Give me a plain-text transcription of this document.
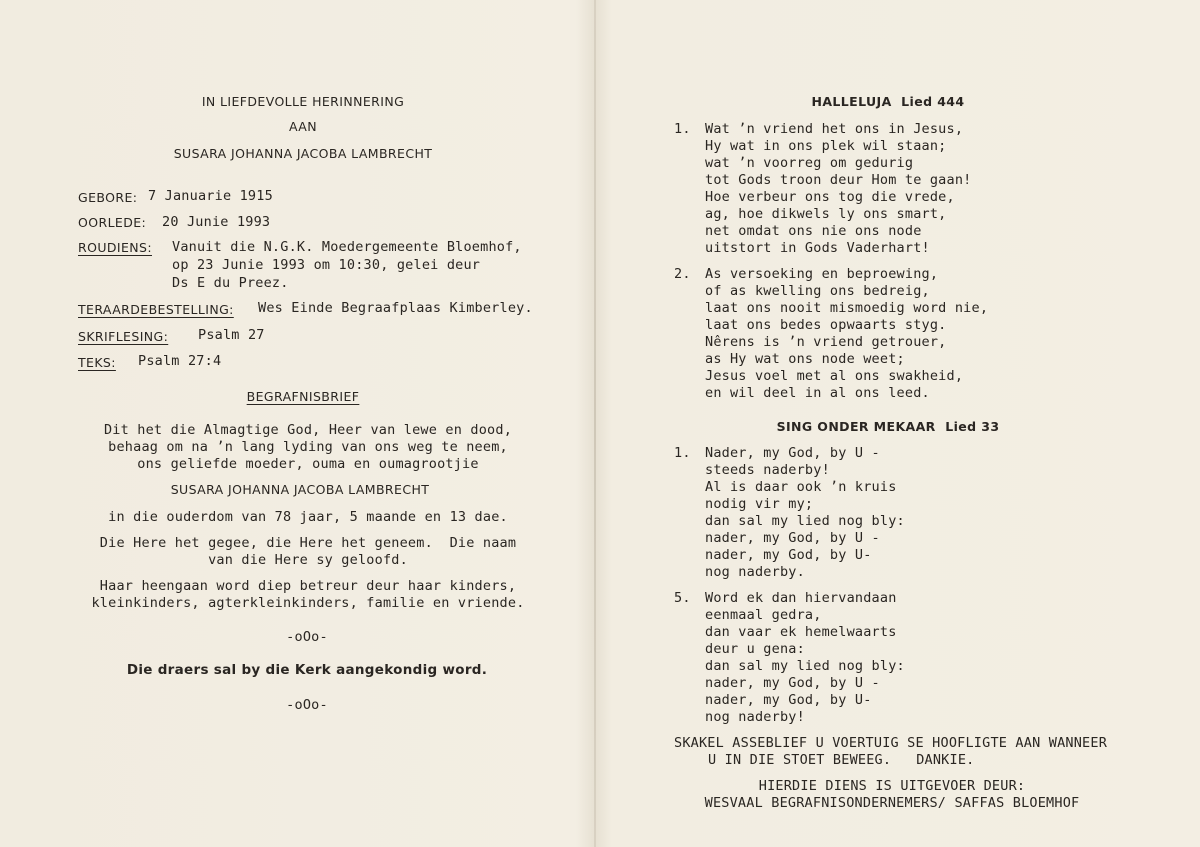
IN LIEFDEVOLLE HERINNERING
AAN
SUSARA JOHANNA JACOBA LAMBRECHT
GEBORE: 7 Januarie 1915
OORLEDE: 20 Junie 1993
ROUDIENS: Vanuit die N.G.K. Moedergemeente Bloemhof,
op 23 Junie 1993 om 10:30, gelei deur
Ds E du Preez.
TERAARDEBESTELLING: Wes Einde Begraafplaas Kimberley.
SKRIFLESING: Psalm 27
TEKS: Psalm 27:4
BEGRAFNISBRIEF
Dit het die Almagtige God, Heer van lewe en dood,
behaag om na ʼn lang lyding van ons weg te neem,
ons geliefde moeder, ouma en oumagrootjie
SUSARA JOHANNA JACOBA LAMBRECHT
in die ouderdom van 78 jaar, 5 maande en 13 dae.
Die Here het gegee, die Here het geneem.  Die naam
van die Here sy geloofd.
Haar heengaan word diep betreur deur haar kinders,
kleinkinders, agterkleinkinders, familie en vriende.
-oOo-
Die draers sal by die Kerk aangekondig word.
-oOo-
HALLELUJA  Lied 444
1. Wat ʼn vriend het ons in Jesus,
Hy wat in ons plek wil staan;
wat ʼn voorreg om gedurig
tot Gods troon deur Hom te gaan!
Hoe verbeur ons tog die vrede,
ag, hoe dikwels ly ons smart,
net omdat ons nie ons node
uitstort in Gods Vaderhart!
2. As versoeking en beproewing,
of as kwelling ons bedreig,
laat ons nooit mismoedig word nie,
laat ons bedes opwaarts styg.
Nêrens is ʼn vriend getrouer,
as Hy wat ons node weet;
Jesus voel met al ons swakheid,
en wil deel in al ons leed.
SING ONDER MEKAAR  Lied 33
1. Nader, my God, by U -
steeds naderby!
Al is daar ook ʼn kruis
nodig vir my;
dan sal my lied nog bly:
nader, my God, by U -
nader, my God, by U-
nog naderby.
5. Word ek dan hiervandaan
eenmaal gedra,
dan vaar ek hemelwaarts
deur u gena:
dan sal my lied nog bly:
nader, my God, by U -
nader, my God, by U-
nog naderby!
SKAKEL ASSEBLIEF U VOERTUIG SE HOOFLIGTE AAN WANNEER
U IN DIE STOET BEWEEG.   DANKIE.
HIERDIE DIENS IS UITGEVOER DEUR:
WESVAAL BEGRAFNISONDERNEMERS/ SAFFAS BLOEMHOF
